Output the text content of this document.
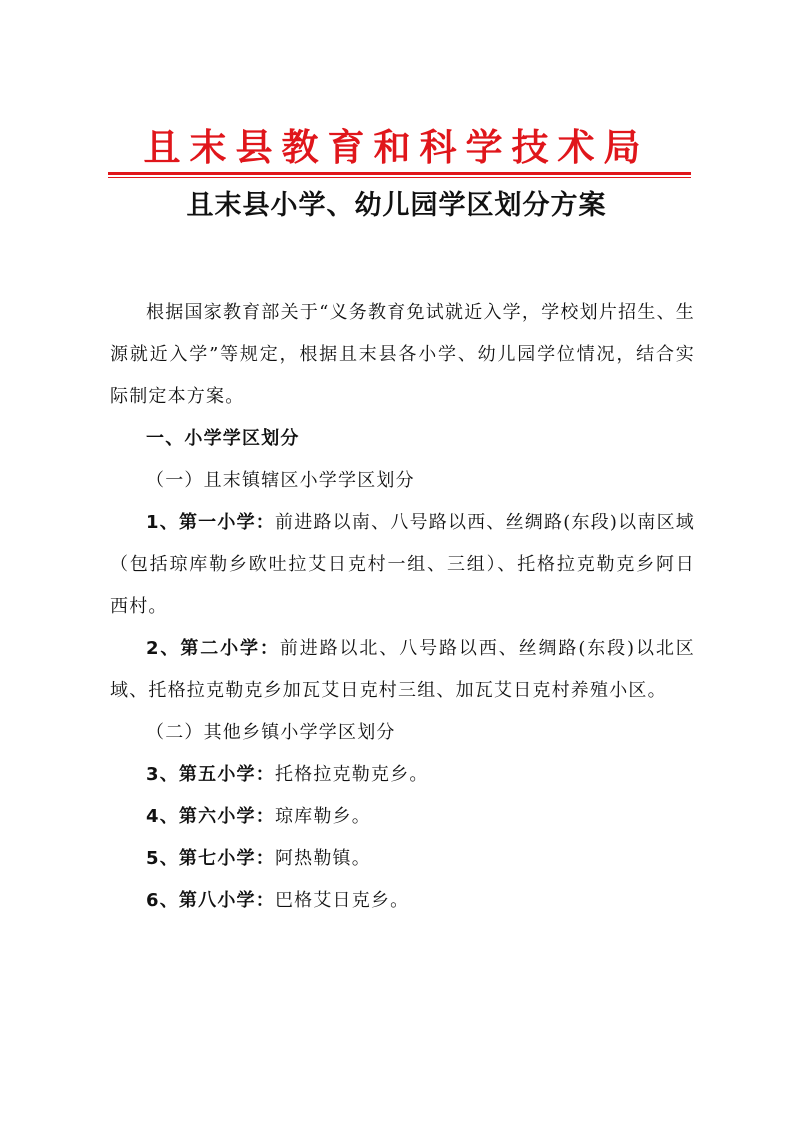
且末县教育和科学技术局
且末县小学、幼儿园学区划分方案

根据国家教育部关于“义务教育免试就近入学，学校划片招生、生源就近入学”等规定，根据且末县各小学、幼儿园学位情况，结合实际制定本方案。

一、小学学区划分

（一）且末镇辖区小学学区划分

1、第一小学：前进路以南、八号路以西、丝绸路(东段)以南区域（包括琼库勒乡欧吐拉艾日克村一组、三组）、托格拉克勒克乡阿日西村。

2、第二小学：前进路以北、八号路以西、丝绸路(东段)以北区域、托格拉克勒克乡加瓦艾日克村三组、加瓦艾日克村养殖小区。

（二）其他乡镇小学学区划分

3、第五小学：托格拉克勒克乡。

4、第六小学：琼库勒乡。

5、第七小学：阿热勒镇。

6、第八小学：巴格艾日克乡。
